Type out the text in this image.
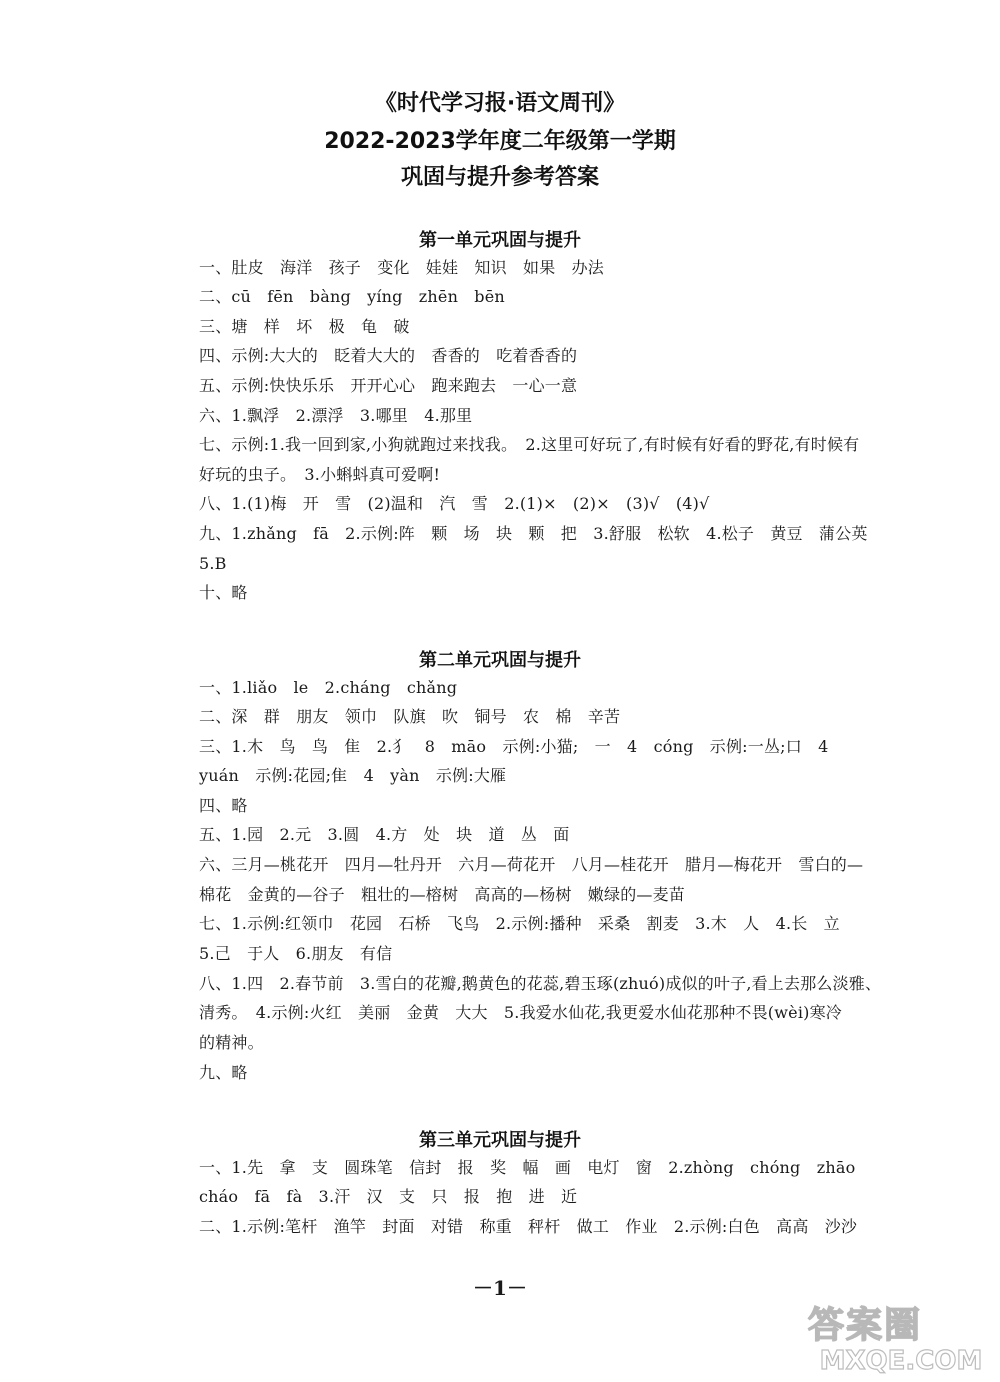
《时代学习报·语文周刊》
2022-2023学年度二年级第一学期
巩固与提升参考答案
第一单元巩固与提升
一、肚皮　海洋　孩子　变化　娃娃　知识　如果　办法
二、cū　fēn　bàng　yíng　zhēn　bēn
三、塘　样　坏　极　龟　破
四、示例:大大的　眨着大大的　香香的　吃着香香的
五、示例:快快乐乐　开开心心　跑来跑去　一心一意
六、1.飘浮　2.漂浮　3.哪里　4.那里
七、示例:1.我一回到家,小狗就跑过来找我。　2.这里可好玩了,有时候有好看的野花,有时候有
好玩的虫子。　3.小蝌蚪真可爱啊!
八、1.(1)梅　开　雪　(2)温和　汽　雪　2.(1)×　(2)×　(3)√　(4)√
九、1.zhǎng　fā　2.示例:阵　颗　场　块　颗　把　3.舒服　松软　4.松子　黄豆　蒲公英
5.B
十、略
第二单元巩固与提升
一、1.liǎo　le　2.cháng　chǎng
二、深　群　朋友　领巾　队旗　吹　铜号　农　棉　辛苦
三、1.木　鸟　鸟　隹　2.犭　8　māo　示例:小猫;　一　4　cóng　示例:一丛;口　4
yuán　示例:花园;隹　4　yàn　示例:大雁
四、略
五、1.园　2.元　3.圆　4.方　处　块　道　丛　面
六、三月—桃花开　四月—牡丹开　六月—荷花开　八月—桂花开　腊月—梅花开　雪白的—
棉花　金黄的—谷子　粗壮的—榕树　高高的—杨树　嫩绿的—麦苗
七、1.示例:红领巾　花园　石桥　飞鸟　2.示例:播种　采桑　割麦　3.木　人　4.长　立
5.己　于人　6.朋友　有信
八、1.四　2.春节前　3.雪白的花瓣,鹅黄色的花蕊,碧玉琢(zhuó)成似的叶子,看上去那么淡雅、
清秀。　4.示例:火红　美丽　金黄　大大　5.我爱水仙花,我更爱水仙花那种不畏(wèi)寒冷
的精神。
九、略
第三单元巩固与提升
一、1.先　拿　支　圆珠笔　信封　报　奖　幅　画　电灯　窗　2.zhòng　chóng　zhāo
cháo　fā　fà　3.汗　汉　支　只　报　抱　进　近
二、1.示例:笔杆　渔竿　封面　对错　称重　秤杆　做工　作业　2.示例:白色　高高　沙沙
－1－
答案圈
MXQE.COM
